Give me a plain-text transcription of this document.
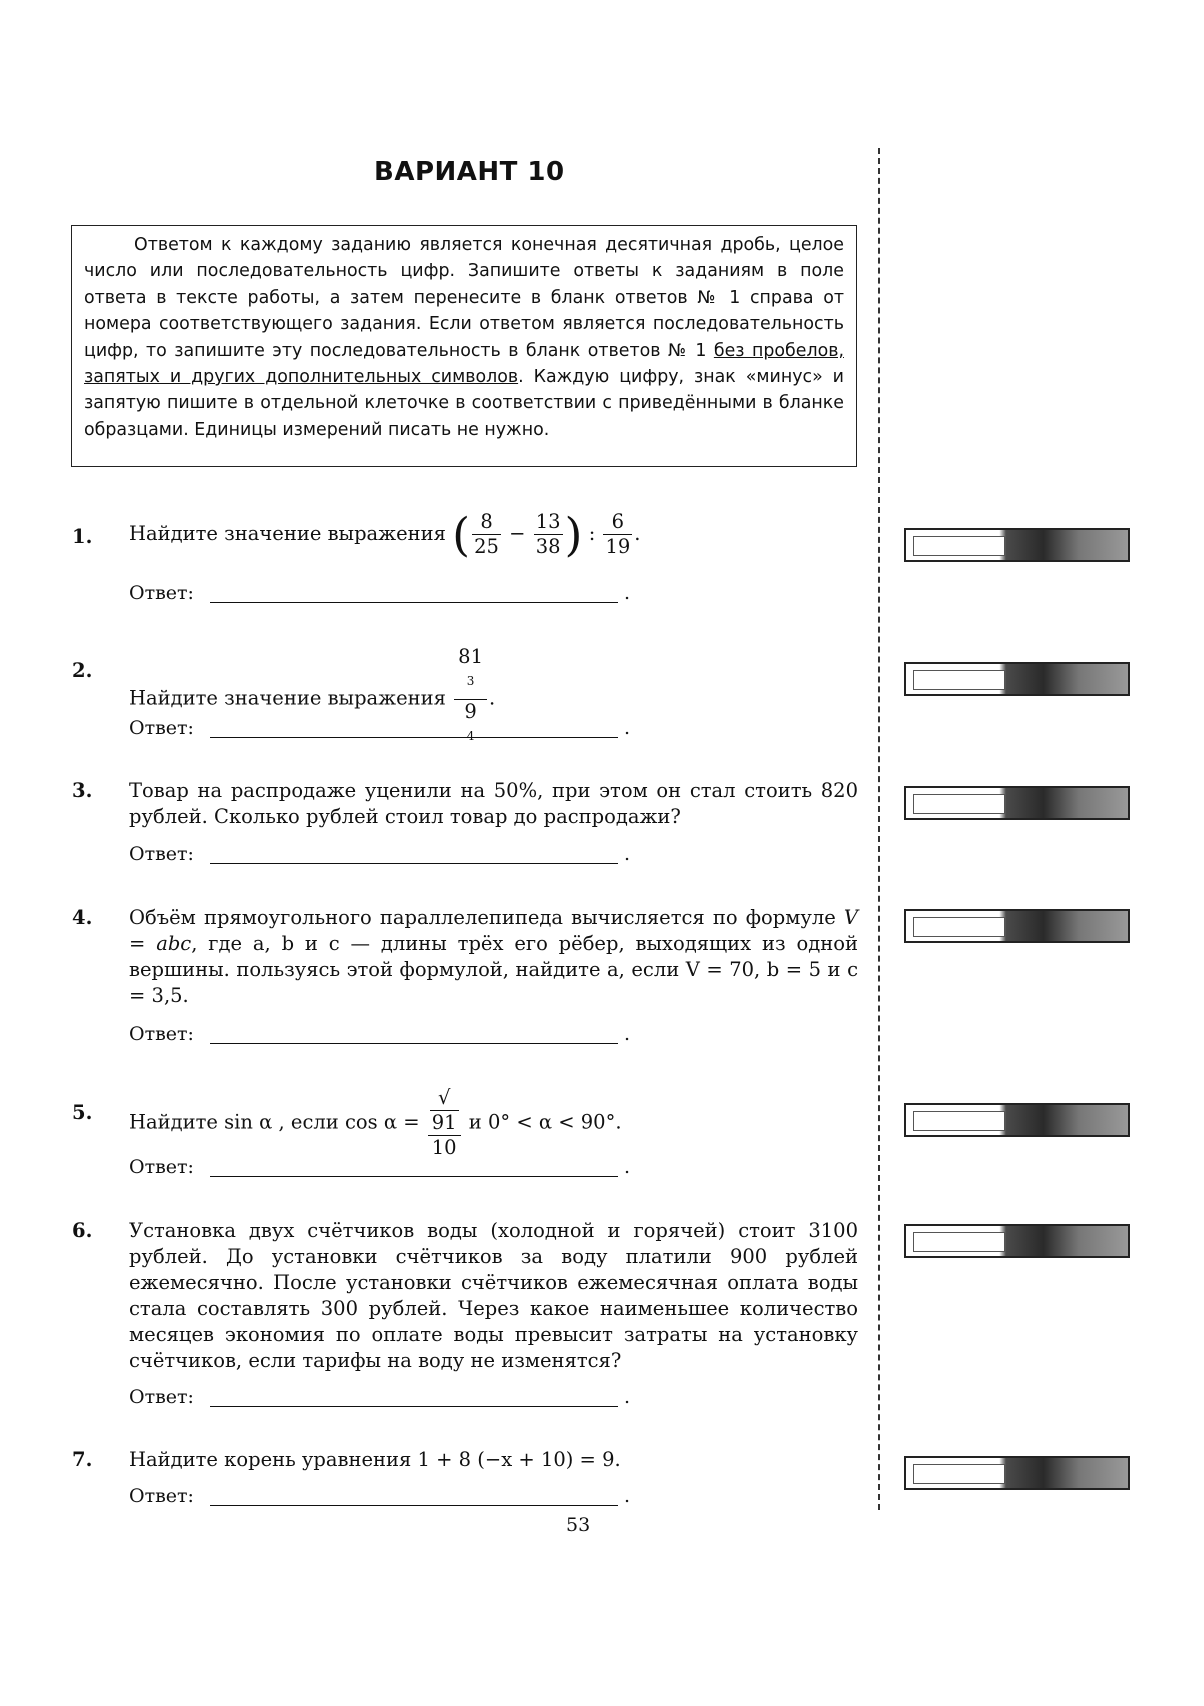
ВАРИАНТ 10
Ответом к каждому заданию является конечная десятичная дробь, целое число или последовательность цифр. Запишите ответы к заданиям в поле ответа в тексте работы, а затем перенесите в бланк ответов № 1 справа от номера соответствующего задания. Если ответом является последовательность цифр, то запишите эту последовательность в бланк ответов № 1 без пробелов, запятых и других дополнительных символов. Каждую цифру, знак «минус» и запятую пишите в отдельной клеточке в соответствии с приведёнными в бланке образцами. Единицы измерений писать не нужно.
1. Найдите значение выражения ( $\frac{8}{25} - \frac{13}{38}$ ) : $\frac{6}{19}$ .
Ответ:	.
2.
Найдите значение выражения 81
$^3$
9
$^4$ .
Ответ:	.
3. Товар на распродаже уценили на 50%, при этом он стал стоить 820 рублей. Сколько рублей стоил товар до распродажи?
Ответ:	.
4. Объём прямоугольного параллелепипеда вычисляется по формуле V = abc, где a, b и c — длины трёх его рёбер, выходящих из одной вершины. пользуясь этой формулой, найдите a, если V = 70, b = 5 и c = 3,5.
Ответ:	.
5. Найдите sin α , если cos α = √
91
10 и 0° < α < 90°.
Ответ:	.
6. Установка двух счётчиков воды (холодной и горячей) стоит 3100 рублей. До установки счётчиков за воду платили 900 рублей ежемесячно. После установки счётчиков ежемесячная оплата воды стала составлять 300 рублей. Через какое наименьшее количество месяцев экономия по оплате воды превысит затраты на установку счётчиков, если тарифы на воду не изменятся?
Ответ:	.
7. Найдите корень уравнения 1 + 8 (−x + 10) = 9.
Ответ:	.
53
